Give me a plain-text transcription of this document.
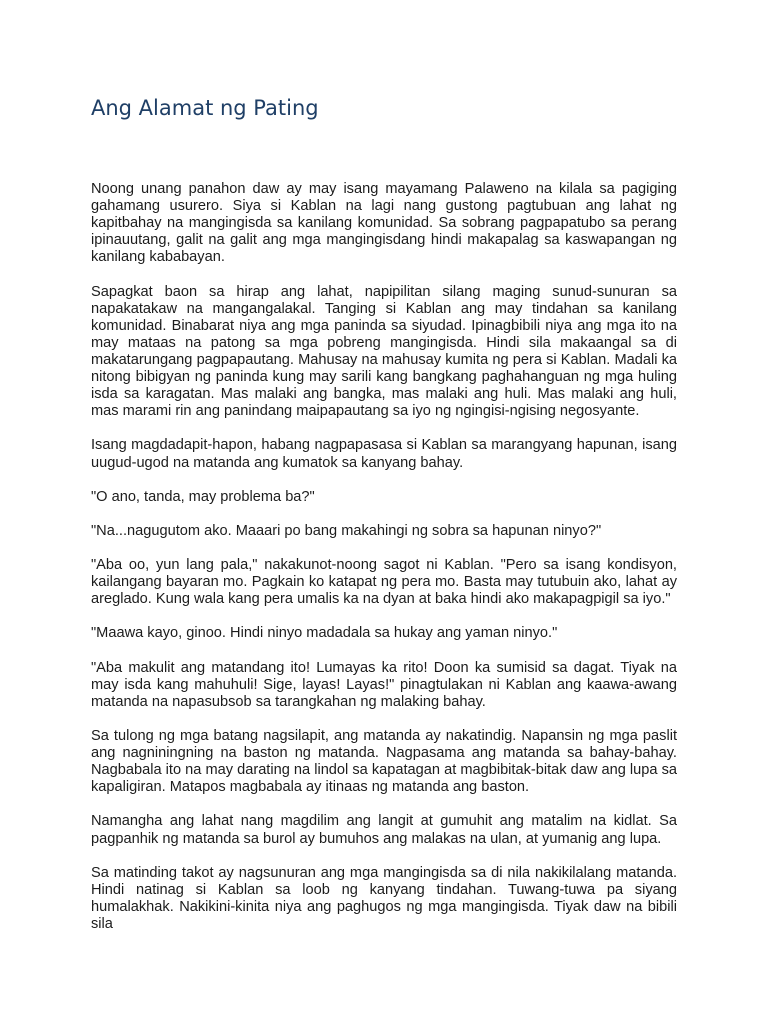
Ang Alamat ng Pating

Noong unang panahon daw ay may isang mayamang Palaweno na kilala sa pagiging gahamang usurero. Siya si Kablan na lagi nang gustong pagtubuan ang lahat ng kapitbahay na mangingisda sa kanilang komunidad. Sa sobrang pagpapatubo sa perang ipinauutang, galit na galit ang mga mangingisdang hindi makapalag sa kaswapangan ng kanilang kababayan.

Sapagkat baon sa hirap ang lahat, napipilitan silang maging sunud-sunuran sa napakatakaw na mangangalakal. Tanging si Kablan ang may tindahan sa kanilang komunidad. Binabarat niya ang mga paninda sa siyudad. Ipinagbibili niya ang mga ito na may mataas na patong sa mga pobreng mangingisda. Hindi sila makaangal sa di makatarungang pagpapautang. Mahusay na mahusay kumita ng pera si Kablan. Madali ka nitong bibigyan ng paninda kung may sarili kang bangkang paghahanguan ng mga huling isda sa karagatan. Mas malaki ang bangka, mas malaki ang huli. Mas malaki ang huli, mas marami rin ang panindang maipapautang sa iyo ng ngingisi-ngising negosyante.

Isang magdadapit-hapon, habang nagpapasasa si Kablan sa marangyang hapunan, isang uugud-ugod na matanda ang kumatok sa kanyang bahay.

"O ano, tanda, may problema ba?"

"Na...nagugutom ako. Maaari po bang makahingi ng sobra sa hapunan ninyo?"

"Aba oo, yun lang pala," nakakunot-noong sagot ni Kablan. "Pero sa isang kondisyon, kailangang bayaran mo. Pagkain ko katapat ng pera mo. Basta may tutubuin ako, lahat ay areglado. Kung wala kang pera umalis ka na dyan at baka hindi ako makapagpigil sa iyo."

"Maawa kayo, ginoo. Hindi ninyo madadala sa hukay ang yaman ninyo."

"Aba makulit ang matandang ito! Lumayas ka rito! Doon ka sumisid sa dagat. Tiyak na may isda kang mahuhuli! Sige, layas! Layas!" pinagtulakan ni Kablan ang kaawa-awang matanda na napasubsob sa tarangkahan ng malaking bahay.

Sa tulong ng mga batang nagsilapit, ang matanda ay nakatindig. Napansin ng mga paslit ang nagniningning na baston ng matanda. Nagpasama ang matanda sa bahay-bahay. Nagbabala ito na may darating na lindol sa kapatagan at magbibitak-bitak daw ang lupa sa kapaligiran. Matapos magbabala ay itinaas ng matanda ang baston.

Namangha ang lahat nang magdilim ang langit at gumuhit ang matalim na kidlat. Sa pagpanhik ng matanda sa burol ay bumuhos ang malakas na ulan, at yumanig ang lupa.

Sa matinding takot ay nagsunuran ang mga mangingisda sa di nila nakikilalang matanda. Hindi natinag si Kablan sa loob ng kanyang tindahan. Tuwang-tuwa pa siyang humalakhak. Nakikini-kinita niya ang paghugos ng mga mangingisda. Tiyak daw na bibili sila
